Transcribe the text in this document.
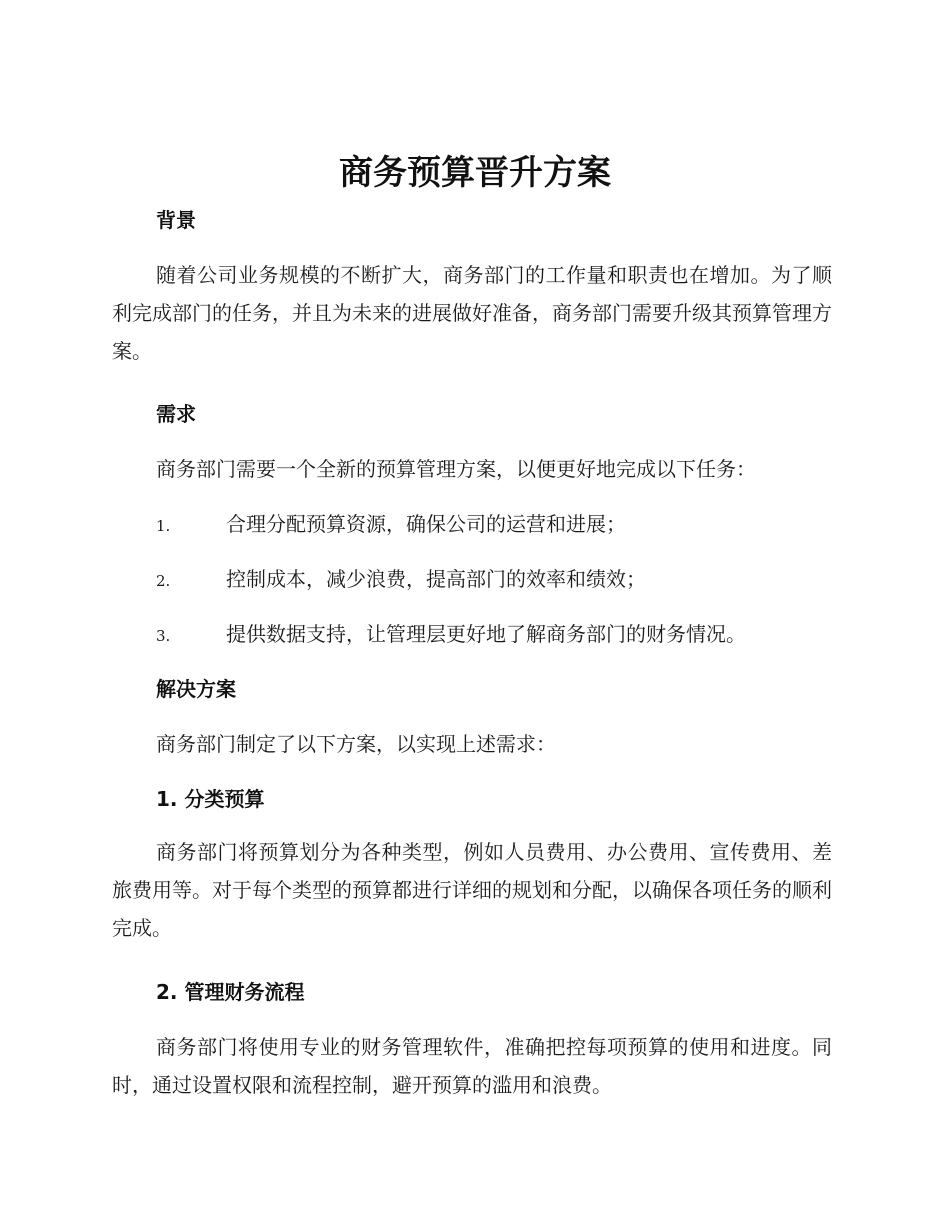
商务预算晋升方案
背景
随着公司业务规模的不断扩大，商务部门的工作量和职责也在增加。为了顺利完成部门的任务，并且为未来的进展做好准备，商务部门需要升级其预算管理方案。
需求
商务部门需要一个全新的预算管理方案，以便更好地完成以下任务：
1.	合理分配预算资源，确保公司的运营和进展；
2.	控制成本，减少浪费，提高部门的效率和绩效；
3.	提供数据支持，让管理层更好地了解商务部门的财务情况。
解决方案
商务部门制定了以下方案，以实现上述需求：
1. 分类预算
商务部门将预算划分为各种类型，例如人员费用、办公费用、宣传费用、差旅费用等。对于每个类型的预算都进行详细的规划和分配，以确保各项任务的顺利完成。
2. 管理财务流程
商务部门将使用专业的财务管理软件，准确把控每项预算的使用和进度。同时，通过设置权限和流程控制，避开预算的滥用和浪费。
